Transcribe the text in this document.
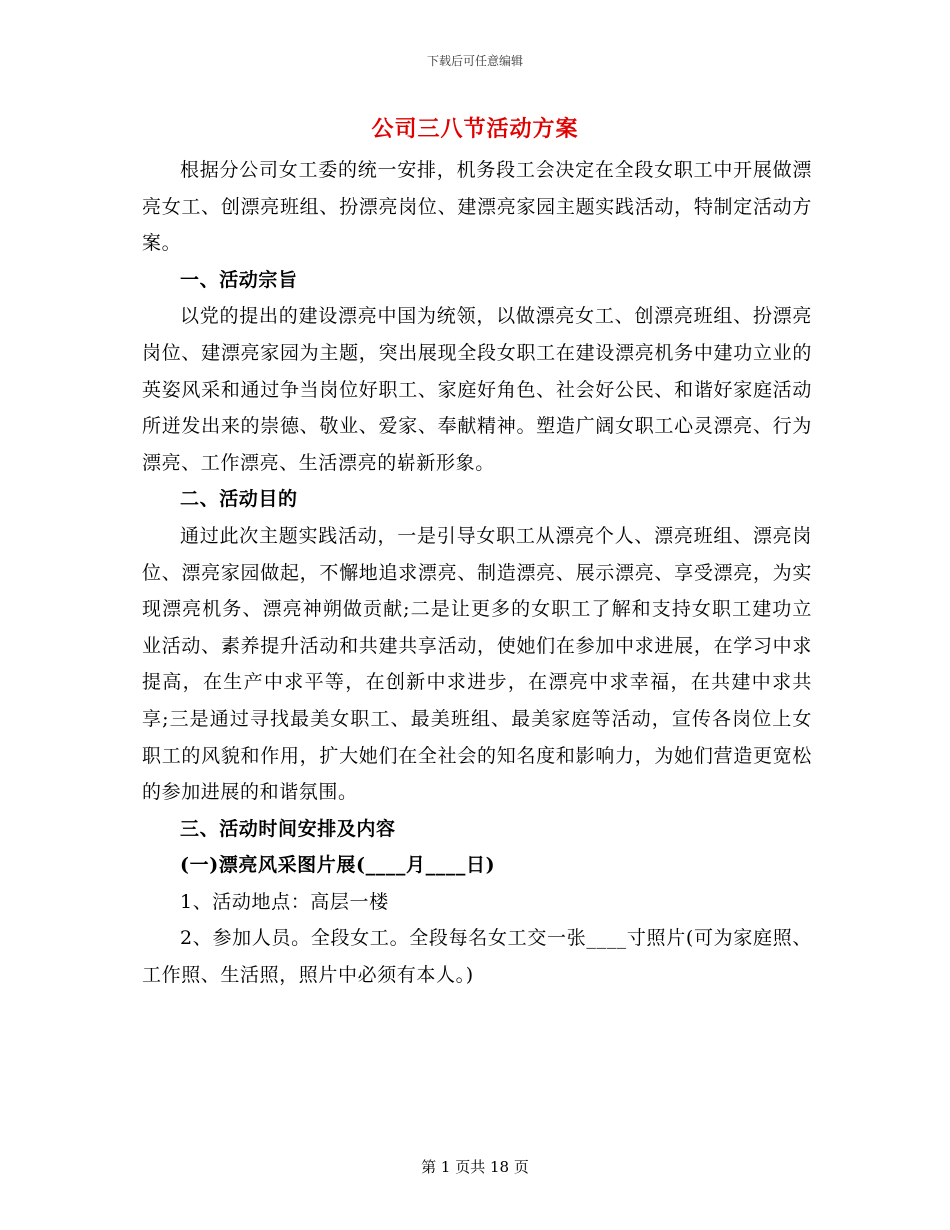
下载后可任意编辑
公司三八节活动方案

根据分公司女工委的统一安排，机务段工会决定在全段女职工中开展做漂亮女工、创漂亮班组、扮漂亮岗位、建漂亮家园主题实践活动，特制定活动方案。

一、活动宗旨

以党的提出的建设漂亮中国为统领，以做漂亮女工、创漂亮班组、扮漂亮岗位、建漂亮家园为主题，突出展现全段女职工在建设漂亮机务中建功立业的英姿风采和通过争当岗位好职工、家庭好角色、社会好公民、和谐好家庭活动所迸发出来的崇德、敬业、爱家、奉献精神。塑造广阔女职工心灵漂亮、行为漂亮、工作漂亮、生活漂亮的崭新形象。

二、活动目的

通过此次主题实践活动，一是引导女职工从漂亮个人、漂亮班组、漂亮岗位、漂亮家园做起，不懈地追求漂亮、制造漂亮、展示漂亮、享受漂亮，为实现漂亮机务、漂亮神朔做贡献;二是让更多的女职工了解和支持女职工建功立业活动、素养提升活动和共建共享活动，使她们在参加中求进展，在学习中求提高，在生产中求平等，在创新中求进步，在漂亮中求幸福，在共建中求共享;三是通过寻找最美女职工、最美班组、最美家庭等活动，宣传各岗位上女职工的风貌和作用，扩大她们在全社会的知名度和影响力，为她们营造更宽松的参加进展的和谐氛围。

三、活动时间安排及内容

(一)漂亮风采图片展(____月____日)

1、活动地点：高层一楼

2、参加人员。全段女工。全段每名女工交一张____寸照片(可为家庭照、工作照、生活照，照片中必须有本人。)

第 1 页共 18 页
